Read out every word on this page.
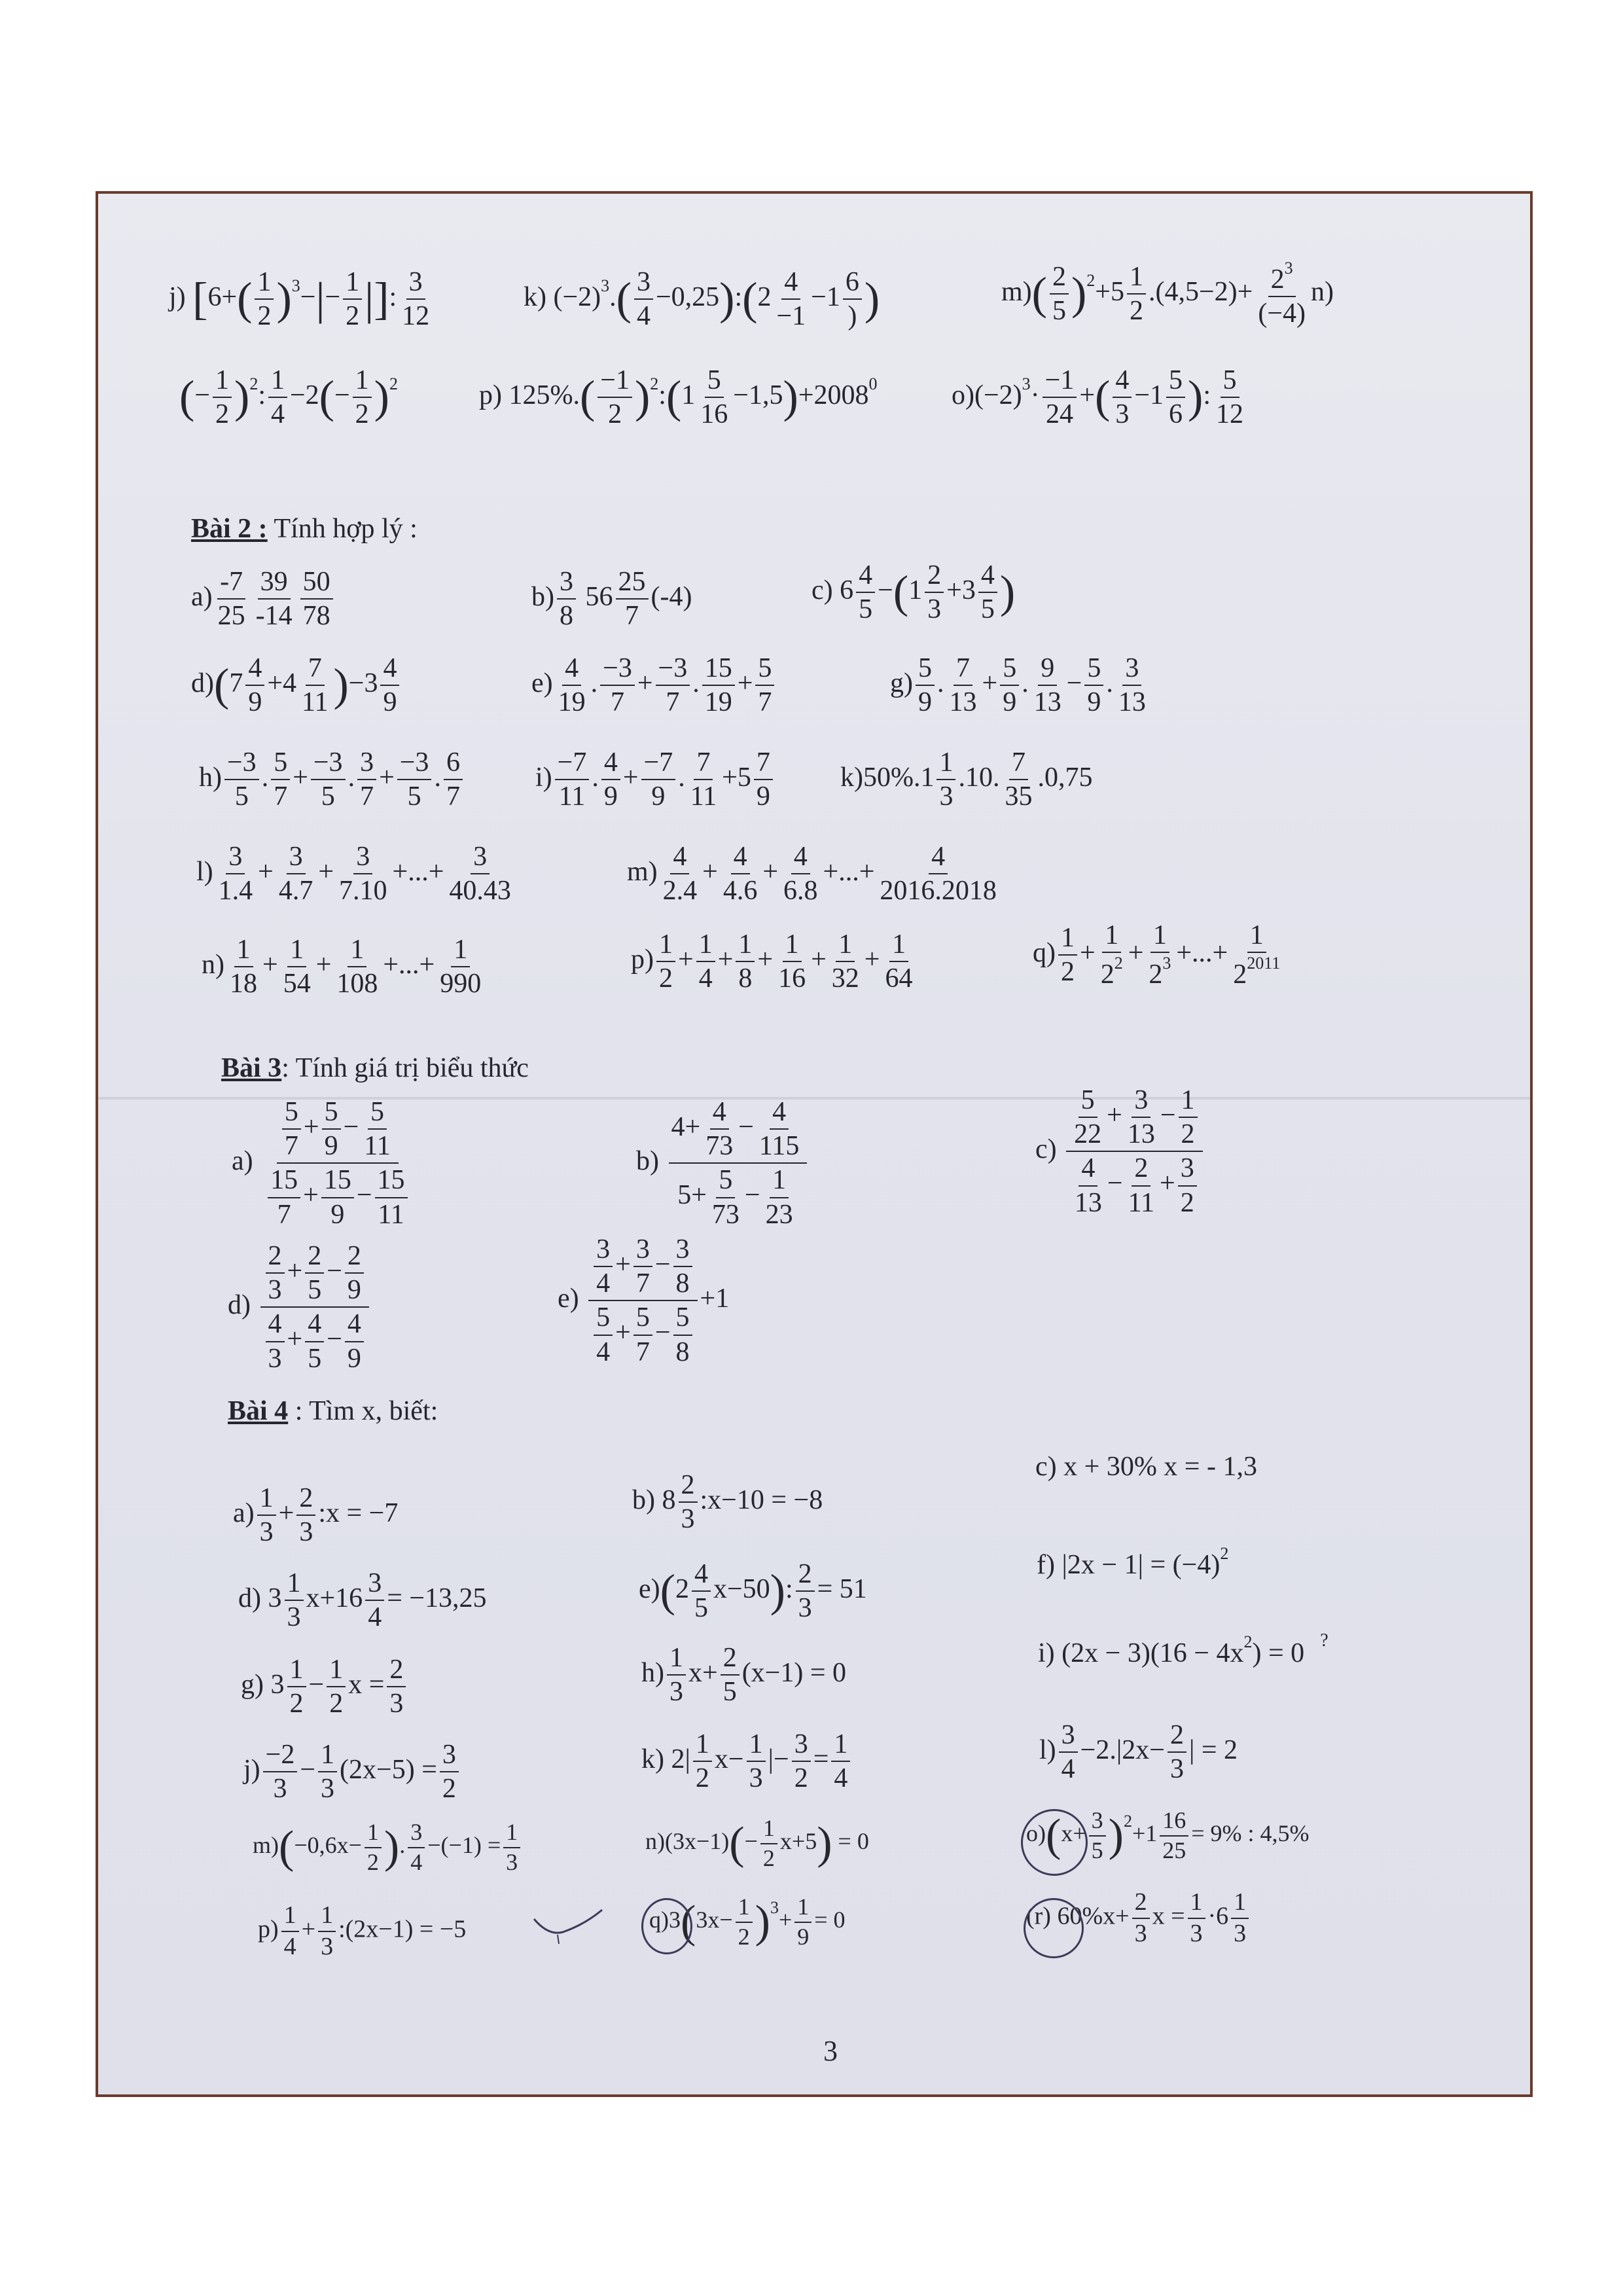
j) [$6+( \frac{1}{2} )^3-|- \frac{1}{2}$ |]: $\frac{3}{12}$	k) $(-2)^3.( \frac{3}{4}$ −0,25):(2 $\frac{4}{-1} -1 \frac{6}{)}$ )	$m)( \frac{2}{5} )^2+5 \frac{1}{2} .(4,5-2)+ \frac{2^3}{(-4)} n$)
(− $\frac{1}{2} )^2$: $\frac{1}{4} -2(- \frac{1}{2} )^2$	p) $125\%.( \frac{-1}{2}$ )$^2:(1 \frac{5}{16} -1,5)+2008^0$	$o)(-2)^3\cdot \frac{-1}{24}$ +( $\frac{4}{3} -1 \frac{5}{6}$ ): $\frac{5}{12}$
Bài 2 : Tính hợp lý :
$a) \frac{-7}{25} \frac{39}{-14} \frac{50}{78}$	$b) \frac{3}{8} 56 \frac{25}{7} (-4)$	c) $6 \frac{4}{5} -(1 \frac{2}{3} +3 \frac{4}{5}$ )
$d)(7 \frac{4}{9} +4 \frac{7}{11} )-3 \frac{4}{9}$	$e) \frac{4}{19}$ . $\frac{-3}{7} + \frac{-3}{7}$ . $\frac{15}{19} + \frac{5}{7}$	$g) \frac{5}{9}$ . $\frac{7}{13} + \frac{5}{9}$ . $\frac{9}{13} - \frac{5}{9}$ . $\frac{3}{13}$
$h) \frac{-3}{5}$ . $\frac{5}{7} + \frac{-3}{5}$ . $\frac{3}{7} + \frac{-3}{5}$ . $\frac{6}{7}$	$i) \frac{-7}{11}$ . $\frac{4}{9} + \frac{-7}{9}$ . $\frac{7}{11} +5 \frac{7}{9} k)50\%.1 \frac{1}{3} .10$. $\frac{7}{35} .0,75$
$l) \frac{3}{1.4} + \frac{3}{4.7} + \frac{3}{7.10}$ +...+ $\frac{3}{40.43}$	$m) \frac{4}{2.4} + \frac{4}{4.6} + \frac{4}{6.8}$ +...+ $\frac{4}{2016.2018}$
$n) \frac{1}{18} + \frac{1}{54} + \frac{1}{108}$ +...+ $\frac{1}{990}$	$p) \frac{1}{2} + \frac{1}{4} + \frac{1}{8} + \frac{1}{16} + \frac{1}{32} + \frac{1}{64}$	$q) \frac{1}{2} + \frac{1}{2^2} + \frac{1}{2^3}$ +...+ $\frac{1}{2^{2011}}$
Bài 3: Tính giá trị biểu thức
$a) \frac{\frac{5}{7} + \frac{5}{9} - \frac{5}{11}}{\frac{15}{7} + \frac{15}{9} - \frac{15}{11}}$	$b) \frac{4+ \frac{4}{73} - \frac{4}{115}}{5+ \frac{5}{73} - \frac{1}{23}}$	$c) \frac{\frac{5}{22} + \frac{3}{13} - \frac{1}{2}}{\frac{4}{13} - \frac{2}{11} + \frac{3}{2}}$
$d) \frac{\frac{2}{3} + \frac{2}{5} - \frac{2}{9}}{\frac{4}{3} + \frac{4}{5} - \frac{4}{9}}$	$e) \frac{\frac{3}{4} + \frac{3}{7} - \frac{3}{8}}{\frac{5}{4} + \frac{5}{7} - \frac{5}{8}} +1$
Bài 4 : Tìm x, biết:
$a) \frac{1}{3} + \frac{2}{3}$ :x = −7	b) $8 \frac{2}{3}$ :x−10 = −8
c) x + 30% x = - 1,3
d) $3 \frac{1}{3} x+16 \frac{3}{4} = -13,25$	$e)(2 \frac{4}{5} x-50)$: $\frac{2}{3} = 51$
f) $|2x - 1| = (-4)^2$
g) $3 \frac{1}{2} - \frac{1}{2}$ $x = \frac{2}{3}$	$h) \frac{1}{3} x+ \frac{2}{5} (x-1) = 0$
i) $(2x - 3)(16 - 4x^2) = 0$ ?
$j) \frac{-2}{3} - \frac{1}{3} (2x-5) = \frac{3}{2}$	k) $2| \frac{1}{2} x- \frac{1}{3}$ |− $\frac{3}{2} = \frac{1}{4}$	$l) \frac{3}{4} -2.|2x- \frac{2}{3}$ | = 2
$m)(-0,6x- \frac{1}{2}$ ). $\frac{3}{4} -(-1) = \frac{1}{3}$	$n)(3x-1)(- \frac{1}{2} x+5) = 0$	$o)(x+ \frac{3}{5} )^2+1 \frac{16}{25} = 9\%$ : 4,5%
$p) \frac{1}{4} + \frac{1}{3}$ :(2x−1) = −5	$q)3(3x- \frac{1}{2} )^3+ \frac{1}{9} = 0$	(r) $60\%x+ \frac{2}{3}$ $x = \frac{1}{3} \cdot 6 \frac{1}{3}$
3
